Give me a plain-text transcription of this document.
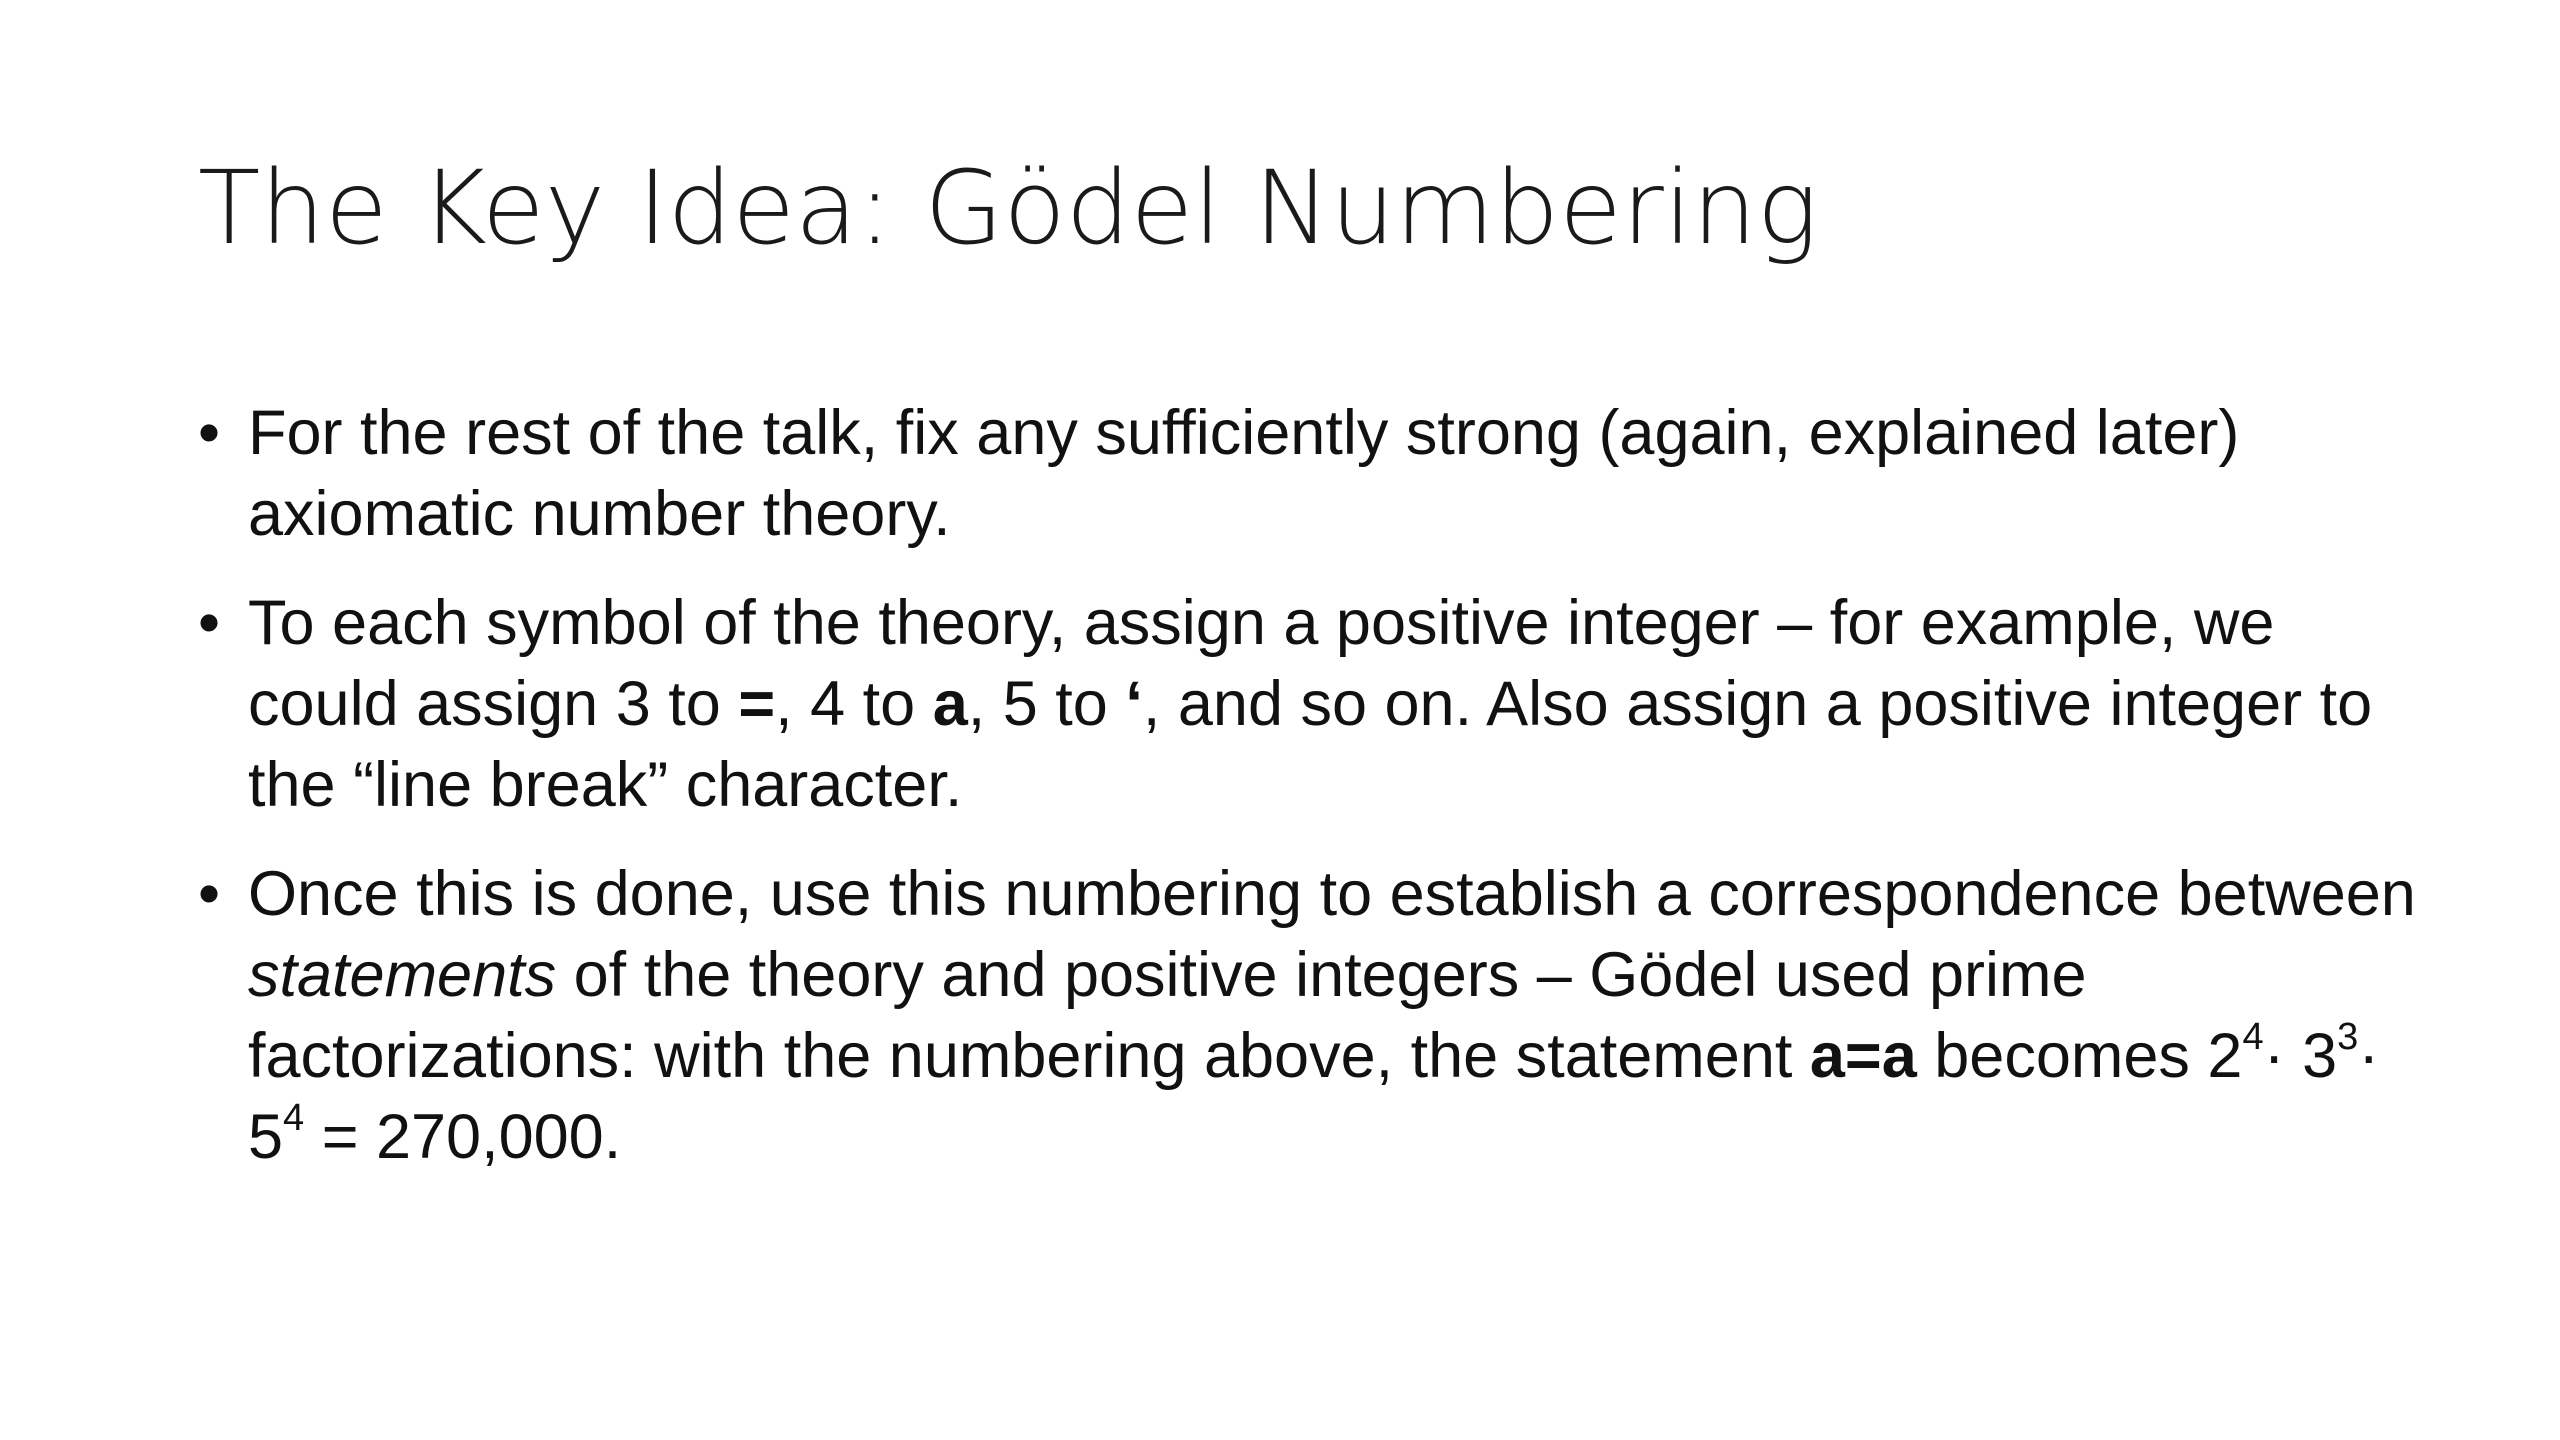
The Key Idea: Gödel Numbering
• For the rest of the talk, fix any sufficiently strong (again, explained later) axiomatic number theory.
• To each symbol of the theory, assign a positive integer – for example, we could assign 3 to =, 4 to a, 5 to ‘, and so on. Also assign a positive integer to the “line break” character.
• Once this is done, use this numbering to establish a correspondence between statements of the theory and positive integers – Gödel used prime factorizations: with the numbering above, the statement a=a becomes $2^4\cdot 3^3\cdot 5^4 = 270,000$.
